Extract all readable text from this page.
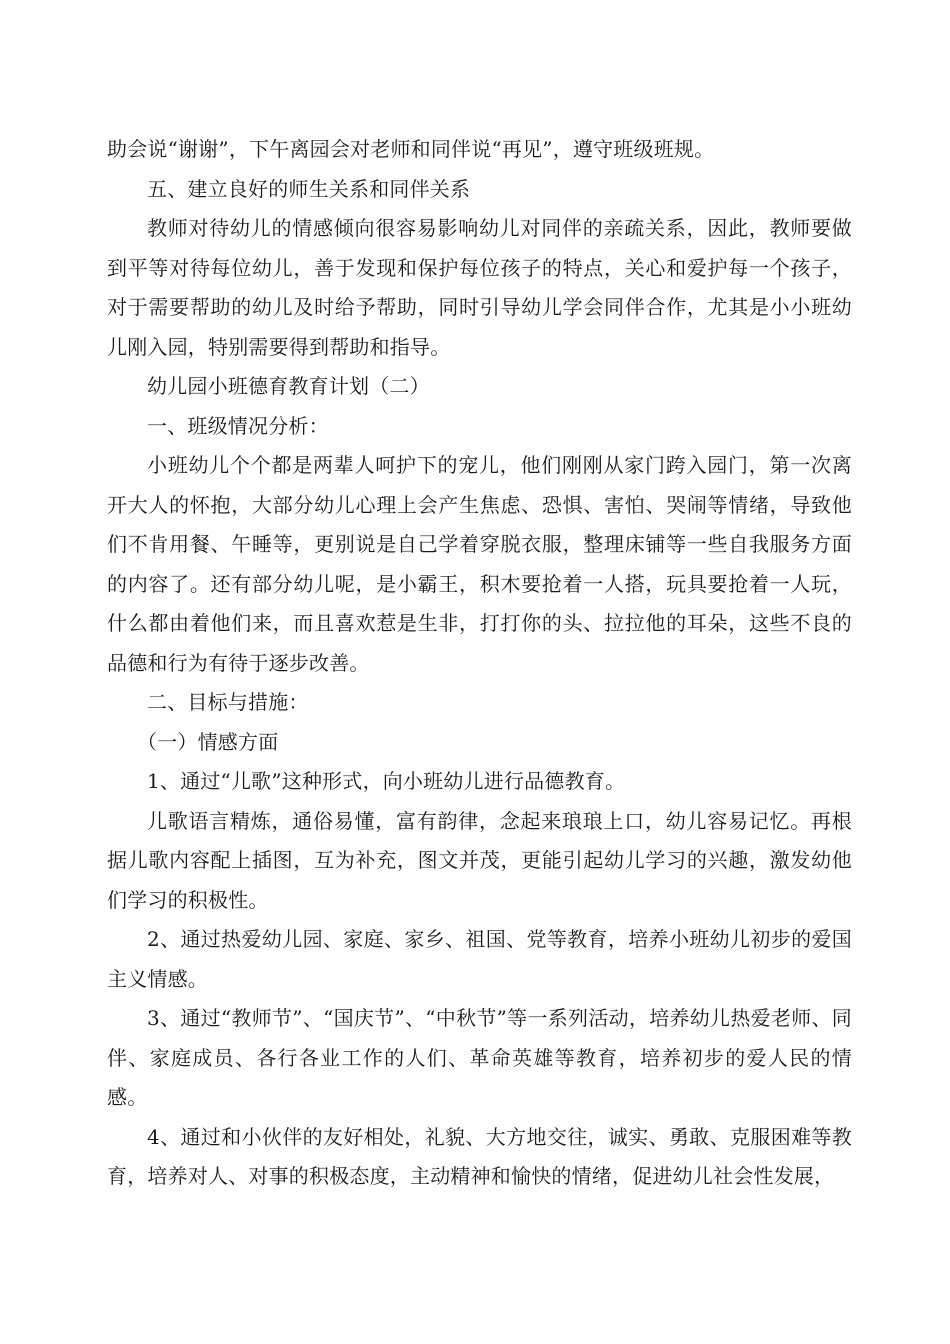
助会说“谢谢”，下午离园会对老师和同伴说“再见”，遵守班级班规。

五、建立良好的师生关系和同伴关系

教师对待幼儿的情感倾向很容易影响幼儿对同伴的亲疏关系，因此，教师要做到平等对待每位幼儿，善于发现和保护每位孩子的特点，关心和爱护每一个孩子，对于需要帮助的幼儿及时给予帮助，同时引导幼儿学会同伴合作，尤其是小小班幼儿刚入园，特别需要得到帮助和指导。

幼儿园小班德育教育计划（二）

一、班级情况分析：

小班幼儿个个都是两辈人呵护下的宠儿，他们刚刚从家门跨入园门，第一次离开大人的怀抱，大部分幼儿心理上会产生焦虑、恐惧、害怕、哭闹等情绪，导致他们不肯用餐、午睡等，更别说是自己学着穿脱衣服，整理床铺等一些自我服务方面的内容了。还有部分幼儿呢，是小霸王，积木要抢着一人搭，玩具要抢着一人玩，什么都由着他们来，而且喜欢惹是生非，打打你的头、拉拉他的耳朵，这些不良的品德和行为有待于逐步改善。

二、目标与措施：

（一）情感方面

1、通过“儿歌”这种形式，向小班幼儿进行品德教育。

儿歌语言精炼，通俗易懂，富有韵律，念起来琅琅上口，幼儿容易记忆。再根据儿歌内容配上插图，互为补充，图文并茂，更能引起幼儿学习的兴趣，激发幼他们学习的积极性。

2、通过热爱幼儿园、家庭、家乡、祖国、党等教育，培养小班幼儿初步的爱国主义情感。

3、通过“教师节”、“国庆节”、“中秋节”等一系列活动，培养幼儿热爱老师、同伴、家庭成员、各行各业工作的人们、革命英雄等教育，培养初步的爱人民的情感。

4、通过和小伙伴的友好相处，礼貌、大方地交往，诚实、勇敢、克服困难等教育，培养对人、对事的积极态度，主动精神和愉快的情绪，促进幼儿社会性发展，
